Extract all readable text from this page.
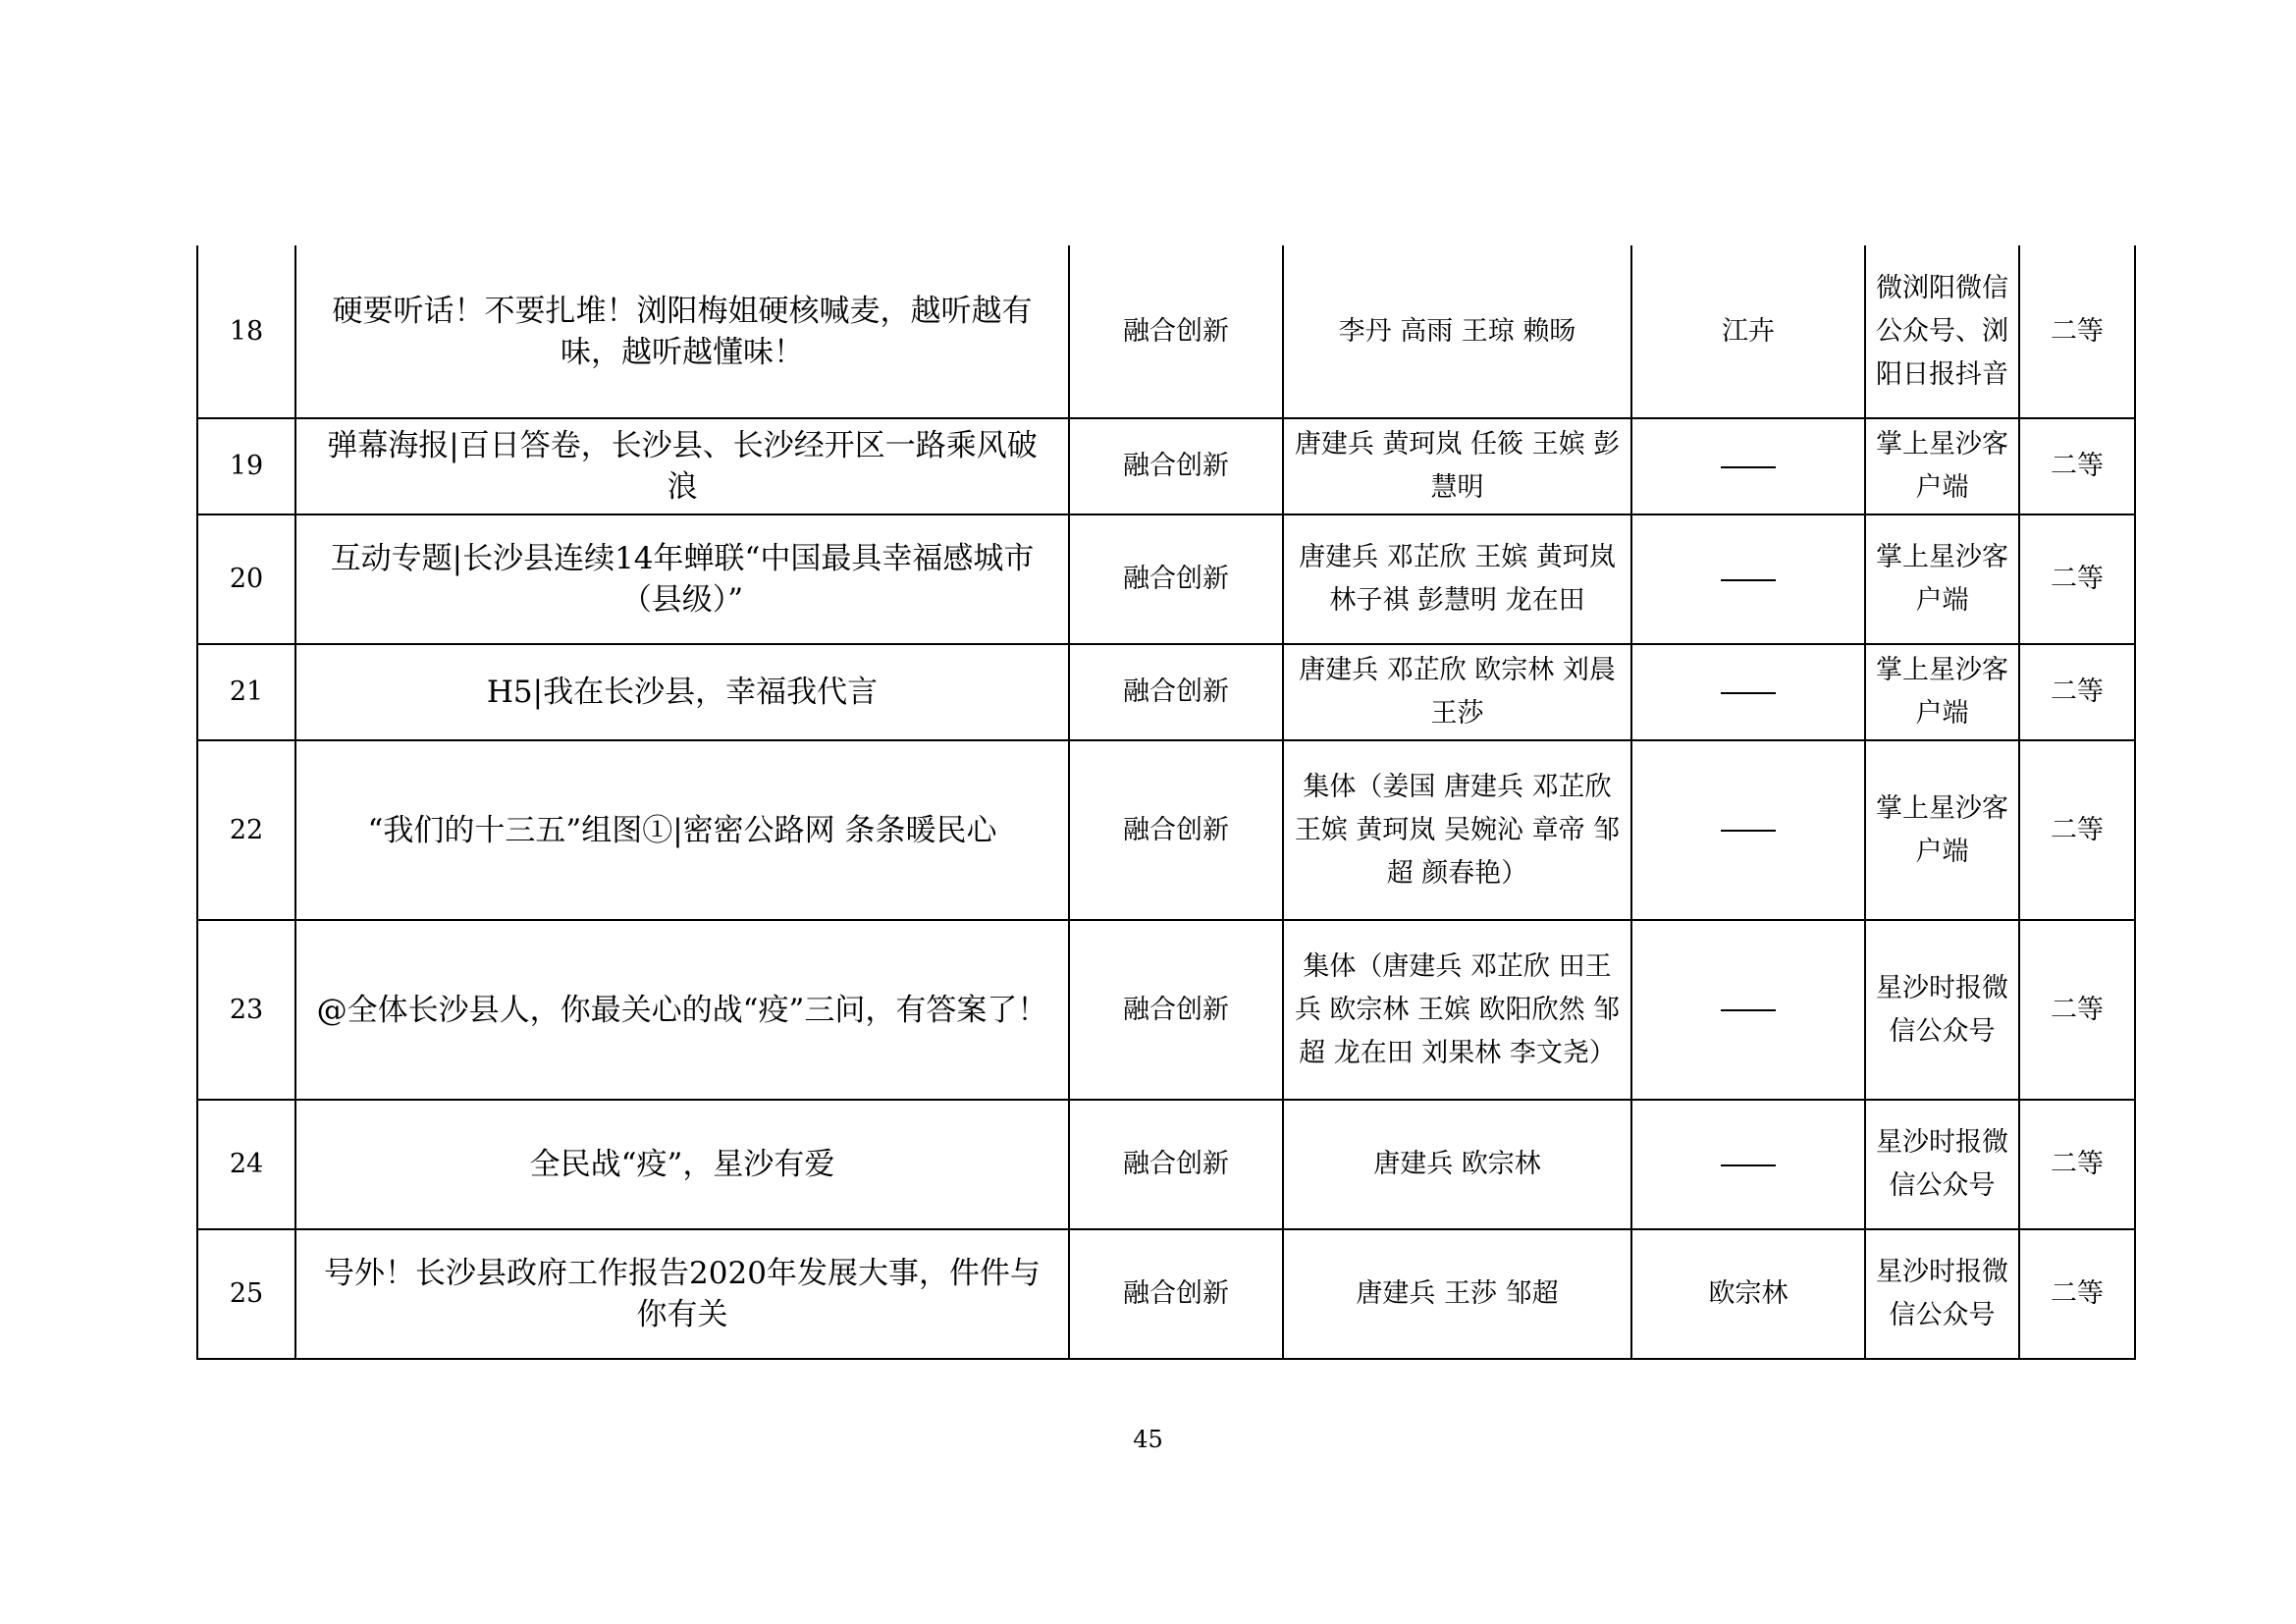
18	硬要听话！不要扎堆！浏阳梅姐硬核喊麦，越听越有味，越听越懂味！	融合创新	李丹 高雨 王琼 赖旸	江卉	微浏阳微信公众号、浏阳日报抖音	二等
19	弹幕海报|百日答卷，长沙县、长沙经开区一路乘风破浪	融合创新	唐建兵 黄珂岚 任筱 王嫔 彭慧明		掌上星沙客户端	二等
20	互动专题|长沙县连续14年蝉联“中国最具幸福感城市（县级）”	融合创新	唐建兵 邓芷欣 王嫔 黄珂岚 林子祺 彭慧明 龙在田		掌上星沙客户端	二等
21	H5|我在长沙县，幸福我代言	融合创新	唐建兵 邓芷欣 欧宗林 刘晨 王莎		掌上星沙客户端	二等
22	“我们的十三五”组图①|密密公路网 条条暖民心	融合创新	集体（姜国 唐建兵 邓芷欣 王嫔 黄珂岚 吴婉沁 章帝 邹超 颜春艳）		掌上星沙客户端	二等
23	@全体长沙县人，你最关心的战“疫”三问，有答案了！	融合创新	集体（唐建兵 邓芷欣 田王兵 欧宗林 王嫔 欧阳欣然 邹超 龙在田 刘果林 李文尧）		星沙时报微信公众号	二等
24	全民战“疫”，星沙有爱	融合创新	唐建兵 欧宗林		星沙时报微信公众号	二等
25	号外！长沙县政府工作报告2020年发展大事，件件与你有关	融合创新	唐建兵 王莎 邹超	欧宗林	星沙时报微信公众号	二等
45
